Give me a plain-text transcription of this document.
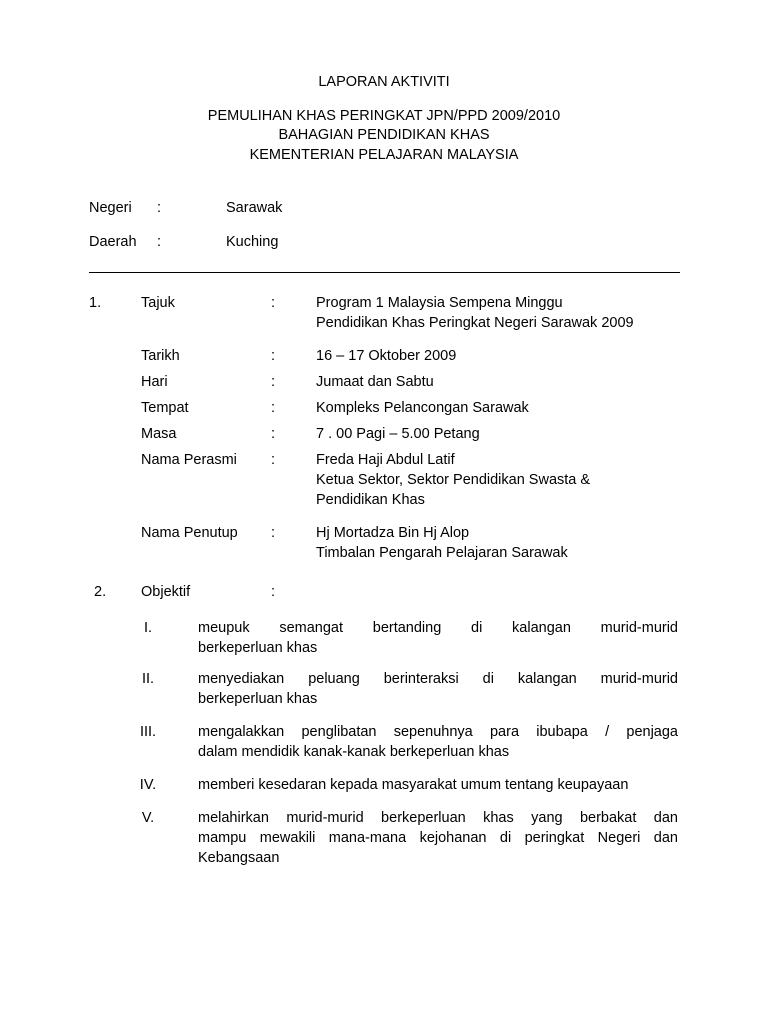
LAPORAN AKTIVITI
PEMULIHAN KHAS PERINGKAT JPN/PPD 2009/2010
BAHAGIAN PENDIDIKAN KHAS
KEMENTERIAN PELAJARAN MALAYSIA
Negeri :	Sarawak
Daerah :	Kuching
1.	Tajuk	:	Program 1 Malaysia Sempena Minggu
Pendidikan Khas Peringkat Negeri Sarawak 2009
Tarikh	:	16 – 17 Oktober 2009
Hari	:	Jumaat dan Sabtu
Tempat	:	Kompleks Pelancongan Sarawak
Masa	:	7 . 00 Pagi – 5.00 Petang
Nama Perasmi :	Freda Haji Abdul Latif
Ketua Sektor, Sektor Pendidikan Swasta &
Pendidikan Khas
Nama Penutup :	Hj Mortadza Bin Hj Alop
Timbalan Pengarah Pelajaran Sarawak
2. Objektif	:
I.	meupuk semangat bertanding di kalangan murid-murid
berkeperluan khas
II.	menyediakan peluang berinteraksi di kalangan murid-murid
berkeperluan khas
III.	mengalakkan penglibatan sepenuhnya para ibubapa / penjaga
dalam mendidik kanak-kanak berkeperluan khas
IV.	memberi kesedaran kepada masyarakat umum tentang keupayaan
V.	melahirkan murid-murid berkeperluan khas yang berbakat dan
mampu mewakili mana-mana kejohanan di peringkat Negeri dan
Kebangsaan
